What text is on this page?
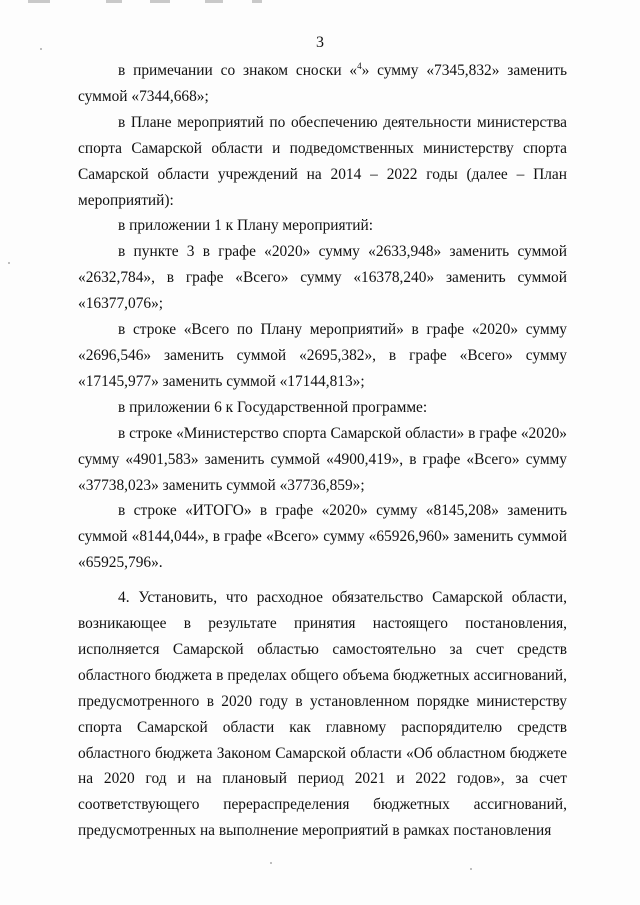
3

в примечании со знаком сноски «$^4$» сумму «7345,832» заменить суммой «7344,668»;

в Плане мероприятий по обеспечению деятельности министерства спорта Самарской области и подведомственных министерству спорта Самарской области учреждений на 2014 – 2022 годы (далее – План мероприятий):

в приложении 1 к Плану мероприятий:

в пункте 3 в графе «2020» сумму «2633,948» заменить суммой «2632,784», в графе «Всего» сумму «16378,240» заменить суммой «16377,076»;

в строке «Всего по Плану мероприятий» в графе «2020» сумму «2696,546» заменить суммой «2695,382», в графе «Всего» сумму «17145,977» заменить суммой «17144,813»;

в приложении 6 к Государственной программе:

в строке «Министерство спорта Самарской области» в графе «2020» сумму «4901,583» заменить суммой «4900,419», в графе «Всего» сумму «37738,023» заменить суммой «37736,859»;

в строке «ИТОГО» в графе «2020» сумму «8145,208» заменить суммой «8144,044», в графе «Всего» сумму «65926,960» заменить суммой «65925,796».

4. Установить, что расходное обязательство Самарской области, возникающее в результате принятия настоящего постановления, исполняется Самарской областью самостоятельно за счет средств областного бюджета в пределах общего объема бюджетных ассигнований, предусмотренного в 2020 году в установленном порядке министерству спорта Самарской области как главному распорядителю средств областного бюджета Законом Самарской области «Об областном бюджете на 2020 год и на плановый период 2021 и 2022 годов», за счет соответствующего перераспределения бюджетных ассигнований, предусмотренных на выполнение мероприятий в рамках постановления
